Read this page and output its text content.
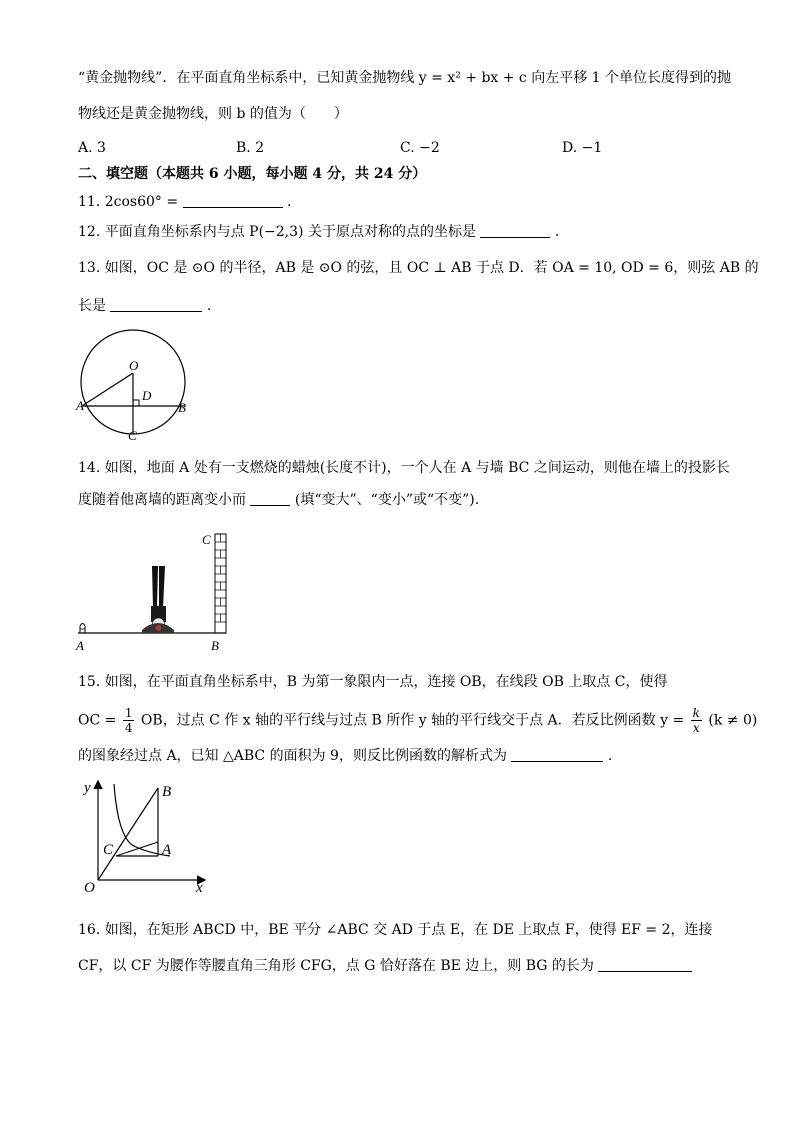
“黄金抛物线”．在平面直角坐标系中，已知黄金抛物线 y = x² + bx + c 向左平移 1 个单位长度得到的抛
物线还是黄金抛物线，则 b 的值为（　　）
A. 3	B. 2	C. −2	D. −1
二、填空题（本题共 6 小题，每小题 4 分，共 24 分）
11. 2cos60° =	.
12. 平面直角坐标系内与点 P(−2,3) 关于原点对称的点的坐标是	.
13. 如图，OC 是 ⊙O 的半径，AB 是 ⊙O 的弦，且 OC ⊥ AB 于点 D．若 OA = 10, OD = 6，则弦 AB 的
长是	.
O
A	B
C
D
14. 如图，地面 A 处有一支燃烧的蜡烛(长度不计)，一个人在 A 与墙 BC 之间运动，则他在墙上的投影长
度随着他离墙的距离变小而	(填“变大”、“变小”或“不变”).
A	B
C
15. 如图，在平面直角坐标系中，B 为第一象限内一点，连接 OB，在线段 OB 上取点 C，使得
OC = $\frac{1}{4}$ OB，过点 C 作 x 轴的平行线与过点 B 所作 y 轴的平行线交于点 A．若反比例函数 $y = \frac{k}{x} (k \ne 0)$
的图象经过点 A，已知 △ABC 的面积为 9，则反比例函数的解析式为	.
y
x
O
B
C	A
16. 如图，在矩形 ABCD 中，BE 平分 ∠ABC 交 AD 于点 E，在 DE 上取点 F，使得 EF = 2，连接
CF，以 CF 为腰作等腰直角三角形 CFG，点 G 恰好落在 BE 边上，则 BG 的长为
